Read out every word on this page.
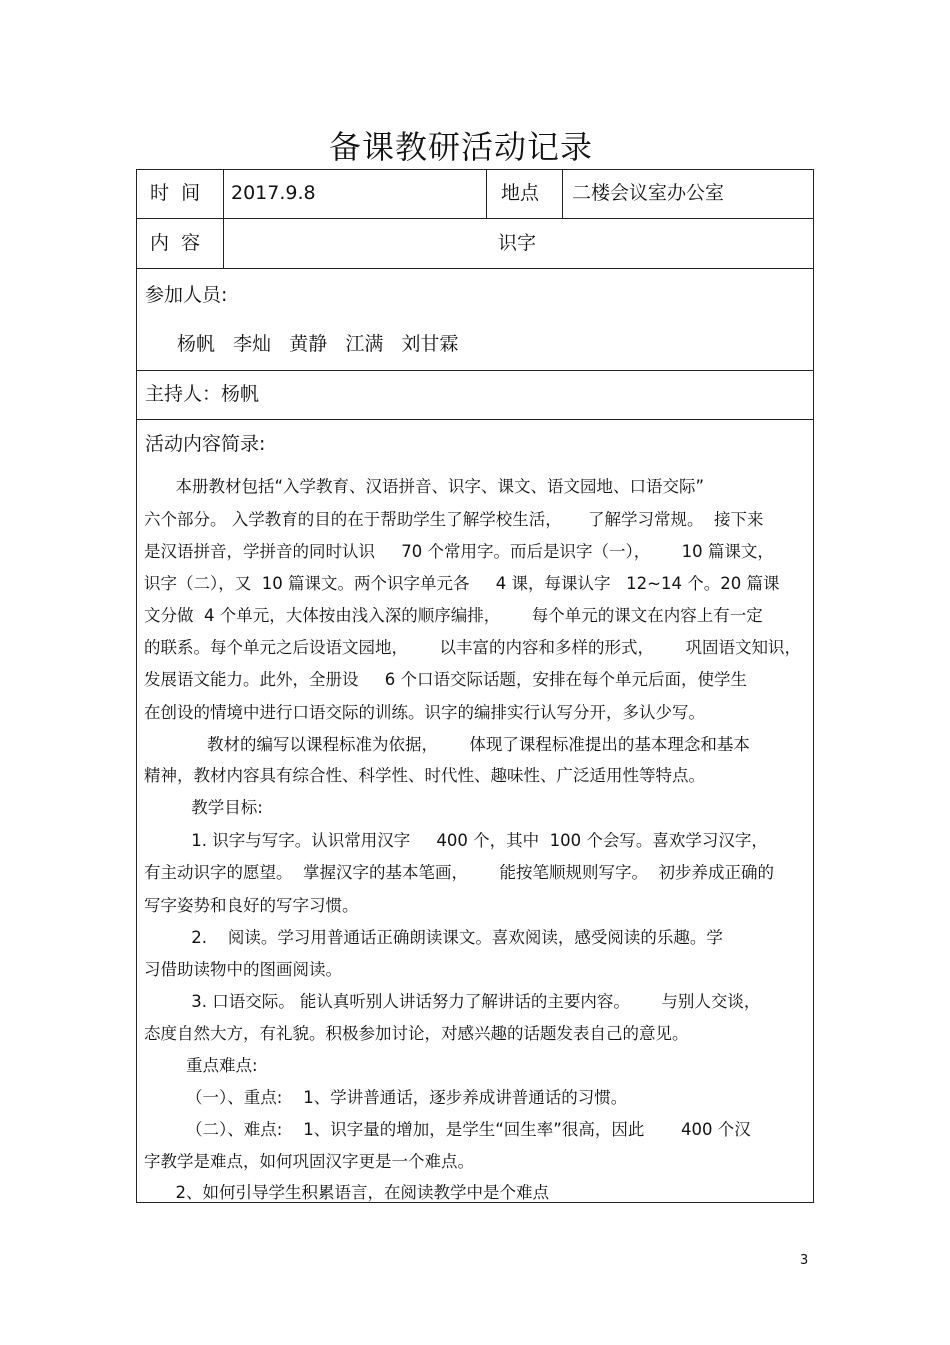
备课教研活动记录
时  间 2017.9.8	地点 二楼会议室办公室
内  容	识字
参加人员:
杨帆   李灿   黄静   江满   刘甘霖
主持人：杨帆
活动内容简录:
本册教材包括“入学教育、汉语拼音、识字、课文、语文园地、口语交际”
六个部分。 入学教育的目的在于帮助学生了解学校生活，     了解学习常规。  接下来
是汉语拼音，学拼音的同时认识     70 个常用字。而后是识字（一），      10 篇课文，
识字（二），又  10 篇课文。两个识字单元各     4 课，每课认字   12~14 个。20 篇课
文分做  4 个单元，大体按由浅入深的顺序编排，      每个单元的课文在内容上有一定
的联系。每个单元之后设语文园地，      以丰富的内容和多样的形式，      巩固语文知识，
发展语文能力。此外，全册设     6 个口语交际话题，安排在每个单元后面，使学生
在创设的情境中进行口语交际的训练。识字的编排实行认写分开，多认少写。
教材的编写以课程标准为依据，      体现了课程标准提出的基本理念和基本
精神，教材内容具有综合性、科学性、时代性、趣味性、广泛适用性等特点。
教学目标:
1. 识字与写字。认识常用汉字     400 个，其中  100 个会写。喜欢学习汉字，
有主动识字的愿望。  掌握汉字的基本笔画，      能按笔顺规则写字。  初步养成正确的
写字姿势和良好的写字习惯。
2.    阅读。学习用普通话正确朗读课文。喜欢阅读，感受阅读的乐趣。学
习借助读物中的图画阅读。
3. 口语交际。 能认真听别人讲话努力了解讲话的主要内容。      与别人交谈，
态度自然大方，有礼貌。积极参加讨论，对感兴趣的话题发表自己的意见。
重点难点:
（一）、重点:    1、学讲普通话，逐步养成讲普通话的习惯。
（二）、难点:    1、识字量的增加，是学生“回生率”很高，因此       400 个汉
字教学是难点，如何巩固汉字更是一个难点。
2、如何引导学生积累语言，在阅读教学中是个难点
3
